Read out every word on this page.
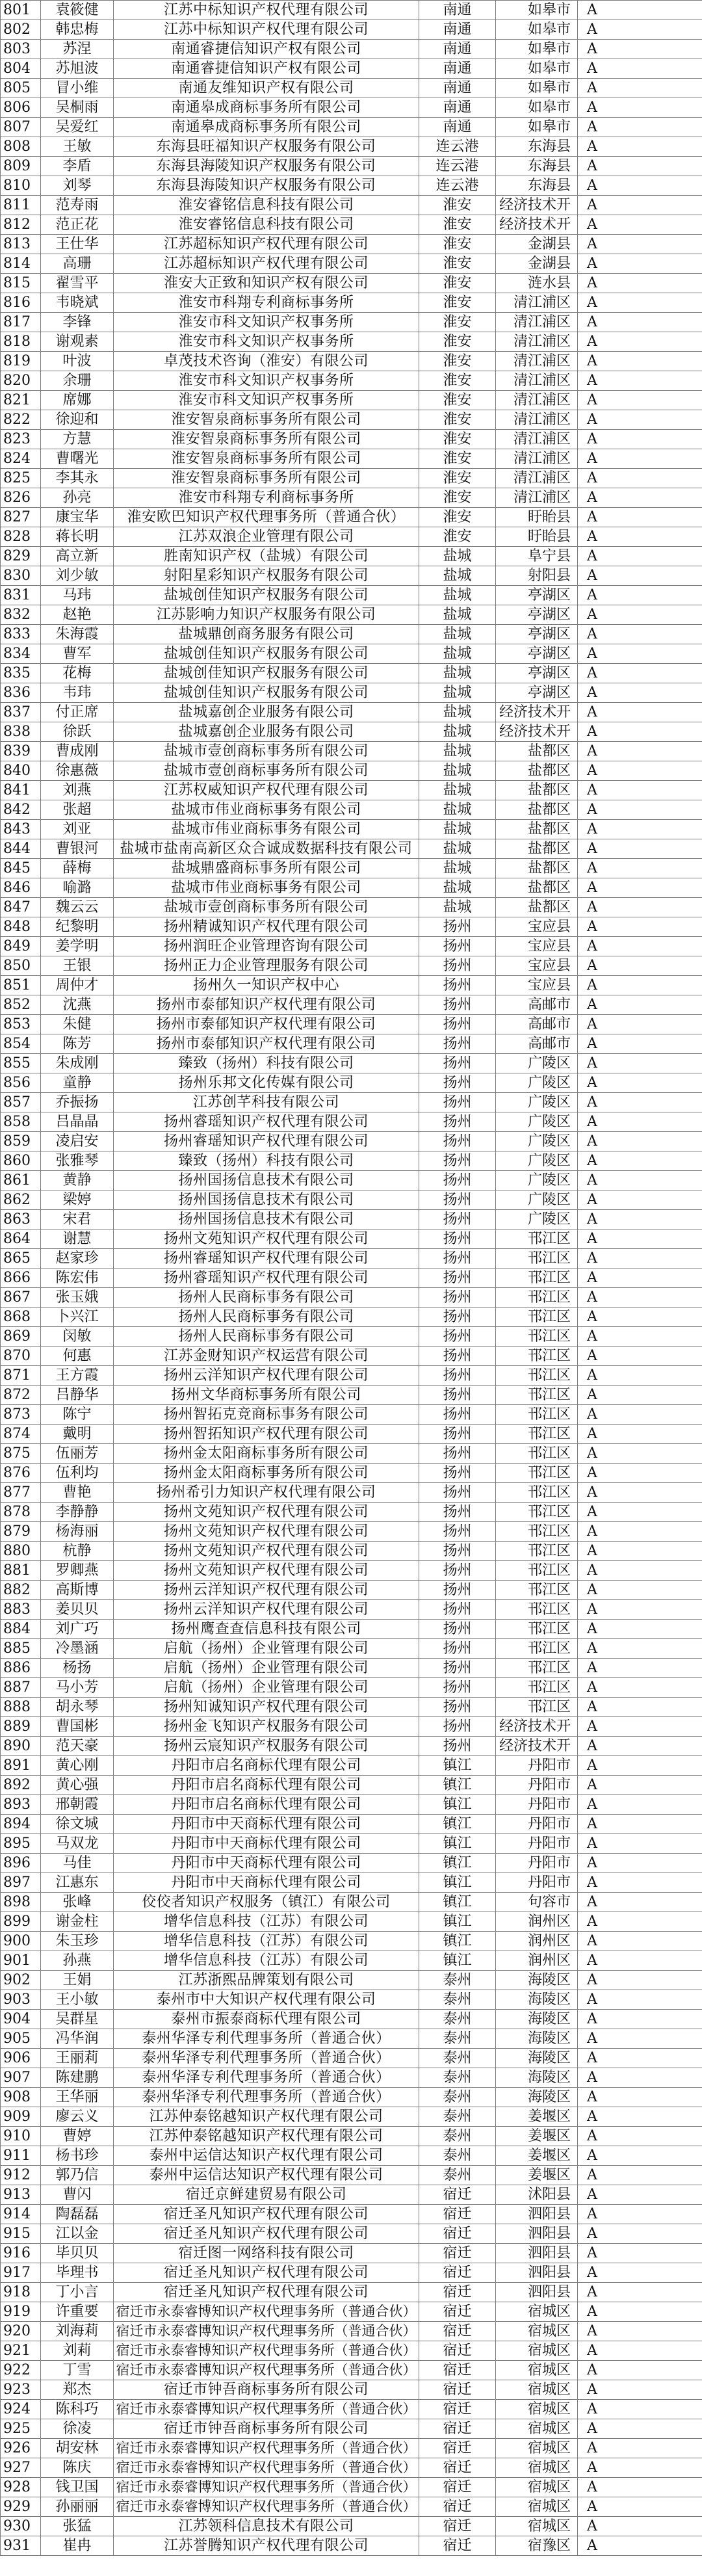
801	袁筱健	江苏中标知识产权代理有限公司	南通	如皋市	A
802	韩忠梅	江苏中标知识产权代理有限公司	南通	如皋市	A
803	苏涅	南通睿捷信知识产权有限公司	南通	如皋市	A
804	苏旭波	南通睿捷信知识产权有限公司	南通	如皋市	A
805	冒小维	南通友维知识产权有限公司	南通	如皋市	A
806	吴桐雨	南通皋成商标事务所有限公司	南通	如皋市	A
807	吴爱红	南通皋成商标事务所有限公司	南通	如皋市	A
808	王敏	东海县旺福知识产权服务有限公司	连云港	东海县	A
809	李盾	东海县海陵知识产权服务有限公司	连云港	东海县	A
810	刘琴	东海县海陵知识产权服务有限公司	连云港	东海县	A
811	范寿雨	淮安睿铭信息科技有限公司	淮安	经济技术开	A
812	范正花	淮安睿铭信息科技有限公司	淮安	经济技术开	A
813	王仕华	江苏超标知识产权代理有限公司	淮安	金湖县	A
814	高珊	江苏超标知识产权代理有限公司	淮安	金湖县	A
815	翟雪平	淮安大正致和知识产权有限公司	淮安	涟水县	A
816	韦晓斌	淮安市科翔专利商标事务所	淮安	清江浦区	A
817	李锋	淮安市科文知识产权事务所	淮安	清江浦区	A
818	谢观素	淮安市科文知识产权事务所	淮安	清江浦区	A
819	叶波	卓茂技术咨询（淮安）有限公司	淮安	清江浦区	A
820	余珊	淮安市科文知识产权事务所	淮安	清江浦区	A
821	席娜	淮安市科文知识产权事务所	淮安	清江浦区	A
822	徐迎和	淮安智泉商标事务所有限公司	淮安	清江浦区	A
823	方慧	淮安智泉商标事务所有限公司	淮安	清江浦区	A
824	曹曙光	淮安智泉商标事务所有限公司	淮安	清江浦区	A
825	李其永	淮安智泉商标事务所有限公司	淮安	清江浦区	A
826	孙亮	淮安市科翔专利商标事务所	淮安	清江浦区	A
827	康宝华	淮安欧巴知识产权代理事务所（普通合伙）	淮安	盱眙县	A
828	蒋长明	江苏双浪企业管理有限公司	淮安	盱眙县	A
829	高立新	胜南知识产权（盐城）有限公司	盐城	阜宁县	A
830	刘少敏	射阳星彩知识产权服务有限公司	盐城	射阳县	A
831	马玮	盐城创佳知识产权服务有限公司	盐城	亭湖区	A
832	赵艳	江苏影响力知识产权服务有限公司	盐城	亭湖区	A
833	朱海霞	盐城鼎创商务服务有限公司	盐城	亭湖区	A
834	曹军	盐城创佳知识产权服务有限公司	盐城	亭湖区	A
835	花梅	盐城创佳知识产权服务有限公司	盐城	亭湖区	A
836	韦玮	盐城创佳知识产权服务有限公司	盐城	亭湖区	A
837	付正席	盐城嘉创企业服务有限公司	盐城	经济技术开	A
838	徐跃	盐城嘉创企业服务有限公司	盐城	经济技术开	A
839	曹成刚	盐城市壹创商标事务所有限公司	盐城	盐都区	A
840	徐惠薇	盐城市壹创商标事务所有限公司	盐城	盐都区	A
841	刘燕	江苏权威知识产权代理有限公司	盐城	盐都区	A
842	张超	盐城市伟业商标事务有限公司	盐城	盐都区	A
843	刘亚	盐城市伟业商标事务有限公司	盐城	盐都区	A
844	曹银河	盐城市盐南高新区众合诚成数据科技有限公司	盐城	盐都区	A
845	薛梅	盐城鼎盛商标事务所有限公司	盐城	盐都区	A
846	喻潞	盐城市伟业商标事务有限公司	盐城	盐都区	A
847	魏云云	盐城市壹创商标事务所有限公司	盐城	盐都区	A
848	纪黎明	扬州精诚知识产权代理有限公司	扬州	宝应县	A
849	姜学明	扬州润旺企业管理咨询有限公司	扬州	宝应县	A
850	王银	扬州正力企业管理服务有限公司	扬州	宝应县	A
851	周仲才	扬州久一知识产权中心	扬州	宝应县	A
852	沈燕	扬州市泰郁知识产权代理有限公司	扬州	高邮市	A
853	朱健	扬州市泰郁知识产权代理有限公司	扬州	高邮市	A
854	陈芳	扬州市泰郁知识产权代理有限公司	扬州	高邮市	A
855	朱成刚	臻致（扬州）科技有限公司	扬州	广陵区	A
856	童静	扬州乐邦文化传媒有限公司	扬州	广陵区	A
857	乔振扬	江苏创芊科技有限公司	扬州	广陵区	A
858	吕晶晶	扬州睿瑶知识产权代理有限公司	扬州	广陵区	A
859	凌启安	扬州睿瑶知识产权代理有限公司	扬州	广陵区	A
860	张雅琴	臻致（扬州）科技有限公司	扬州	广陵区	A
861	黄静	扬州国扬信息技术有限公司	扬州	广陵区	A
862	梁婷	扬州国扬信息技术有限公司	扬州	广陵区	A
863	宋君	扬州国扬信息技术有限公司	扬州	广陵区	A
864	谢慧	扬州文苑知识产权代理有限公司	扬州	邗江区	A
865	赵家珍	扬州睿瑶知识产权代理有限公司	扬州	邗江区	A
866	陈宏伟	扬州睿瑶知识产权代理有限公司	扬州	邗江区	A
867	张玉娥	扬州人民商标事务有限公司	扬州	邗江区	A
868	卜兴江	扬州人民商标事务有限公司	扬州	邗江区	A
869	闵敏	扬州人民商标事务有限公司	扬州	邗江区	A
870	何惠	江苏金财知识产权运营有限公司	扬州	邗江区	A
871	王方霞	扬州云洋知识产权代理有限公司	扬州	邗江区	A
872	吕静华	扬州文华商标事务所有限公司	扬州	邗江区	A
873	陈宁	扬州智拓克竞商标事务有限公司	扬州	邗江区	A
874	戴明	扬州智拓知识产权代理有限公司	扬州	邗江区	A
875	伍丽芳	扬州金太阳商标事务所有限公司	扬州	邗江区	A
876	伍利均	扬州金太阳商标事务所有限公司	扬州	邗江区	A
877	曹艳	扬州希引力知识产权代理有限公司	扬州	邗江区	A
878	李静静	扬州文苑知识产权代理有限公司	扬州	邗江区	A
879	杨海丽	扬州文苑知识产权代理有限公司	扬州	邗江区	A
880	杭静	扬州文苑知识产权代理有限公司	扬州	邗江区	A
881	罗卿燕	扬州文苑知识产权代理有限公司	扬州	邗江区	A
882	高斯博	扬州云洋知识产权代理有限公司	扬州	邗江区	A
883	姜贝贝	扬州云洋知识产权代理有限公司	扬州	邗江区	A
884	刘广巧	扬州鹰查查信息科技有限公司	扬州	邗江区	A
885	冷墨涵	启航（扬州）企业管理有限公司	扬州	邗江区	A
886	杨扬	启航（扬州）企业管理有限公司	扬州	邗江区	A
887	马小芳	启航（扬州）企业管理有限公司	扬州	邗江区	A
888	胡永琴	扬州知诚知识产权代理有限公司	扬州	邗江区	A
889	曹国彬	扬州金飞知识产权服务有限公司	扬州	经济技术开	A
890	范天豪	扬州云宸知识产权服务有限公司	扬州	经济技术开	A
891	黄心刚	丹阳市启名商标代理有限公司	镇江	丹阳市	A
892	黄心强	丹阳市启名商标代理有限公司	镇江	丹阳市	A
893	邢朝霞	丹阳市启名商标代理有限公司	镇江	丹阳市	A
894	徐文城	丹阳市中天商标代理有限公司	镇江	丹阳市	A
895	马双龙	丹阳市中天商标代理有限公司	镇江	丹阳市	A
896	马佳	丹阳市中天商标代理有限公司	镇江	丹阳市	A
897	江惠东	丹阳市中天商标代理有限公司	镇江	丹阳市	A
898	张峰	佼佼者知识产权服务（镇江）有限公司	镇江	句容市	A
899	谢金柱	增华信息科技（江苏）有限公司	镇江	润州区	A
900	朱玉珍	增华信息科技（江苏）有限公司	镇江	润州区	A
901	孙燕	增华信息科技（江苏）有限公司	镇江	润州区	A
902	王娟	江苏浙熙品牌策划有限公司	泰州	海陵区	A
903	王小敏	泰州市中大知识产权代理有限公司	泰州	海陵区	A
904	吴群星	泰州市振泰商标代理有限公司	泰州	海陵区	A
905	冯华润	泰州华泽专利代理事务所（普通合伙）	泰州	海陵区	A
906	王丽莉	泰州华泽专利代理事务所（普通合伙）	泰州	海陵区	A
907	陈建鹏	泰州华泽专利代理事务所（普通合伙）	泰州	海陵区	A
908	王华丽	泰州华泽专利代理事务所（普通合伙）	泰州	海陵区	A
909	廖云义	江苏仲泰铭越知识产权代理有限公司	泰州	姜堰区	A
910	曹婷	江苏仲泰铭越知识产权代理有限公司	泰州	姜堰区	A
911	杨书珍	泰州中运信达知识产权代理有限公司	泰州	姜堰区	A
912	郭乃信	泰州中运信达知识产权代理有限公司	泰州	姜堰区	A
913	曹闪	宿迁京鲜建贸易有限公司	宿迁	沭阳县	A
914	陶磊磊	宿迁圣凡知识产权代理有限公司	宿迁	泗阳县	A
915	江以金	宿迁圣凡知识产权代理有限公司	宿迁	泗阳县	A
916	毕贝贝	宿迁图一网络科技有限公司	宿迁	泗阳县	A
917	毕理书	宿迁圣凡知识产权代理有限公司	宿迁	泗阳县	A
918	丁小言	宿迁圣凡知识产权代理有限公司	宿迁	泗阳县	A
919	许重要	宿迁市永泰睿博知识产权代理事务所（普通合伙）	宿迁	宿城区	A
920	刘海莉	宿迁市永泰睿博知识产权代理事务所（普通合伙）	宿迁	宿城区	A
921	刘莉	宿迁市永泰睿博知识产权代理事务所（普通合伙）	宿迁	宿城区	A
922	丁雪	宿迁市永泰睿博知识产权代理事务所（普通合伙）	宿迁	宿城区	A
923	郑杰	宿迁市钟吾商标事务所有限公司	宿迁	宿城区	A
924	陈科巧	宿迁市永泰睿博知识产权代理事务所（普通合伙）	宿迁	宿城区	A
925	徐凌	宿迁市钟吾商标事务所有限公司	宿迁	宿城区	A
926	胡安林	宿迁市永泰睿博知识产权代理事务所（普通合伙）	宿迁	宿城区	A
927	陈庆	宿迁市永泰睿博知识产权代理事务所（普通合伙）	宿迁	宿城区	A
928	钱卫国	宿迁市永泰睿博知识产权代理事务所（普通合伙）	宿迁	宿城区	A
929	孙丽丽	宿迁市永泰睿博知识产权代理事务所（普通合伙）	宿迁	宿城区	A
930	张猛	江苏领科信息技术有限公司	宿迁	宿城区	A
931	崔冉	江苏誉腾知识产权代理有限公司	宿迁	宿豫区	A
